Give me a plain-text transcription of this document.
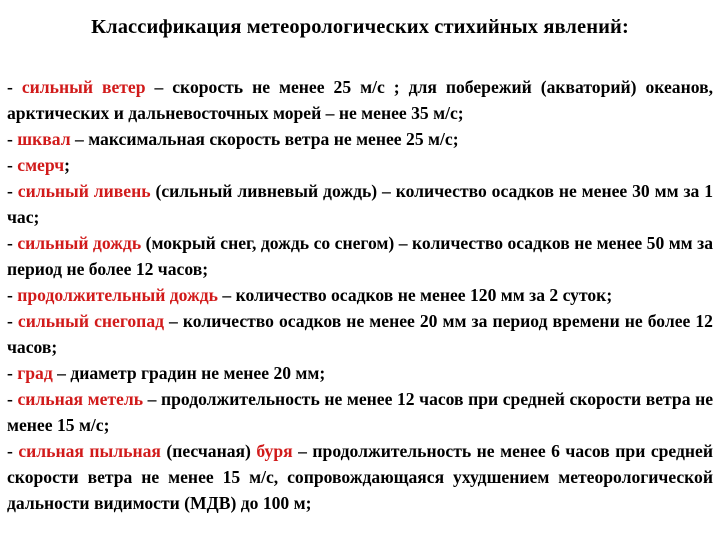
Классификация метеорологических стихийных явлений:
- сильный ветер – скорость не менее 25 м/с ; для побережий (акваторий) океанов, арктических и дальневосточных морей – не менее 35 м/с;
- шквал – максимальная скорость ветра не менее 25 м/с;
- смерч;
- сильный ливень (сильный ливневый дождь) – количество осадков не менее 30 мм за 1 час;
- сильный дождь (мокрый снег, дождь со снегом) – количество осадков не менее 50 мм за период не более 12 часов;
- продолжительный дождь – количество осадков не менее 120 мм за 2 суток;
- сильный снегопад – количество осадков не менее 20 мм за период времени не более 12 часов;
- град – диаметр градин не менее 20 мм;
- сильная метель – продолжительность не менее 12 часов при средней скорости ветра не менее 15 м/с;
- сильная пыльная (песчаная) буря – продолжительность не менее 6 часов при средней скорости ветра не менее 15 м/с, сопровождающаяся ухудшением метеорологической дальности видимости (МДВ) до 100 м;
